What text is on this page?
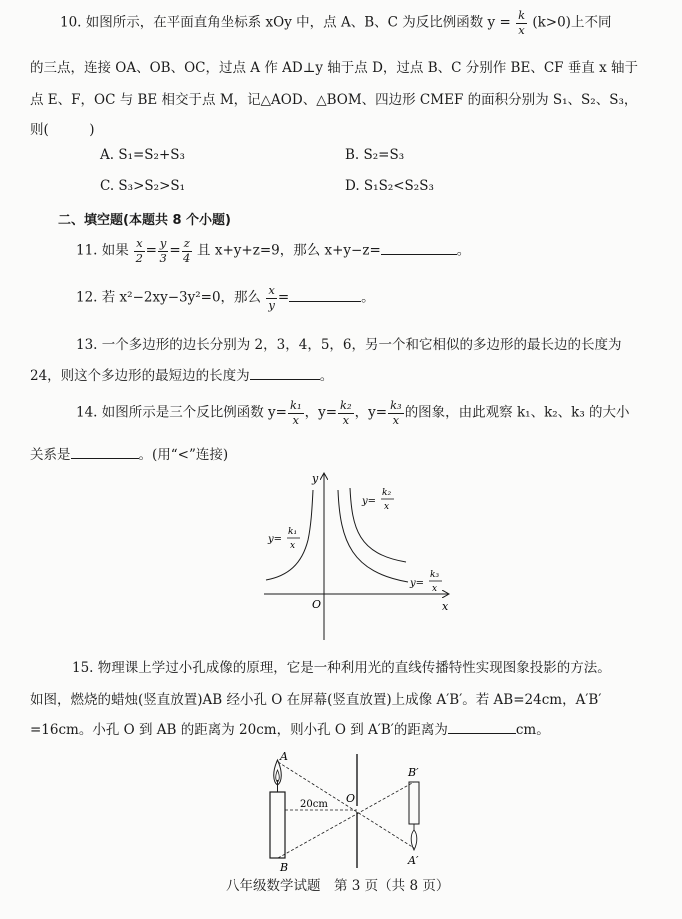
10. 如图所示，在平面直角坐标系 xOy 中，点 A、B、C 为反比例函数 $y = \frac{k}{x} (k>0)$上不同
的三点，连接 OA、OB、OC，过点 A 作 AD⊥y 轴于点 D，过点 B、C 分别作 BE、CF 垂直 x 轴于
点 E、F，OC 与 BE 相交于点 M，记△AOD、△BOM、四边形 CMEF 的面积分别为 S₁、S₂、S₃，
则(　　　)
A. S₁=S₂+S₃	B. S₂=S₃
C. S₃>S₂>S₁	D. S₁S₂<S₂S₃
二、填空题(本题共 8 个小题)
11. 如果 $\frac{x}{2} = \frac{y}{3} = \frac{z}{4}$ 且 x+y+z=9，那么 x+y−z=	。
12. 若 x²−2xy−3y²=0，那么 $\frac{x}{y}$ =	。
13. 一个多边形的边长分别为 2，3，4，5，6，另一个和它相似的多边形的最长边的长度为
24，则这个多边形的最短边的长度为	。
14. 如图所示是三个反比例函数 $y= \frac{\text{k₁}}{x}$ ，$y= \frac{\text{k₂}}{x}$ ，$y= \frac{\text{k₃}}{x}$ 的图象，由此观察 k₁、k₂、k₃ 的大小
关系是	。(用“<”连接)
y
x
O
y=
k₁
x
y=
k₂
x
y=
k₃
x
15. 物理课上学过小孔成像的原理，它是一种利用光的直线传播特性实现图象投影的方法。
如图，燃烧的蜡烛(竖直放置)AB 经小孔 O 在屏幕(竖直放置)上成像 A′B′。若 AB=24cm，A′B′
=16cm。小孔 O 到 AB 的距离为 20cm，则小孔 O 到 A′B′的距离为	cm。
A
B
O
B′
A′
20cm
八年级数学试题　第 3 页（共 8 页）
